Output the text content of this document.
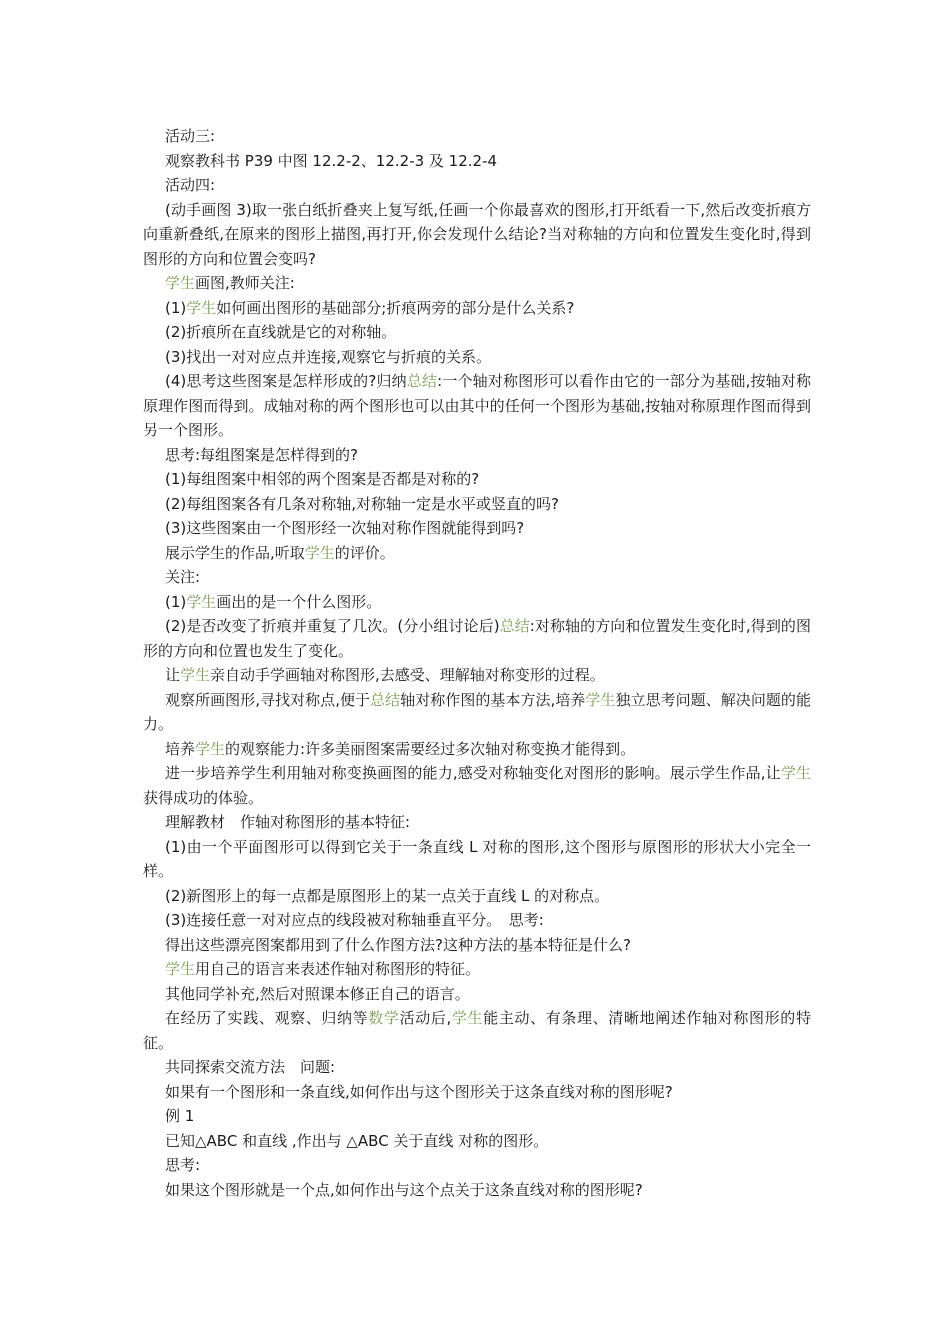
活动三:

观察教科书 P39 中图 12.2-2、12.2-3 及 12.2-4

活动四:

(动手画图 3)取一张白纸折叠夹上复写纸,任画一个你最喜欢的图形,打开纸看一下,然后改变折痕方向重新叠纸,在原来的图形上描图,再打开,你会发现什么结论?当对称轴的方向和位置发生变化时,得到图形的方向和位置会变吗?

学生画图,教师关注:

(1)学生如何画出图形的基础部分;折痕两旁的部分是什么关系?

(2)折痕所在直线就是它的对称轴。

(3)找出一对对应点并连接,观察它与折痕的关系。

(4)思考这些图案是怎样形成的?归纳总结:一个轴对称图形可以看作由它的一部分为基础,按轴对称原理作图而得到。成轴对称的两个图形也可以由其中的任何一个图形为基础,按轴对称原理作图而得到另一个图形。

思考:每组图案是怎样得到的?

(1)每组图案中相邻的两个图案是否都是对称的?

(2)每组图案各有几条对称轴,对称轴一定是水平或竖直的吗?

(3)这些图案由一个图形经一次轴对称作图就能得到吗?

展示学生的作品,听取学生的评价。

关注:

(1)学生画出的是一个什么图形。

(2)是否改变了折痕并重复了几次。(分小组讨论后)总结:对称轴的方向和位置发生变化时,得到的图形的方向和位置也发生了变化。

让学生亲自动手学画轴对称图形,去感受、理解轴对称变形的过程。

观察所画图形,寻找对称点,便于总结轴对称作图的基本方法,培养学生独立思考问题、解决问题的能力。

培养学生的观察能力:许多美丽图案需要经过多次轴对称变换才能得到。

进一步培养学生利用轴对称变换画图的能力,感受对称轴变化对图形的影响。展示学生作品,让学生获得成功的体验。

理解教材　作轴对称图形的基本特征:

(1)由一个平面图形可以得到它关于一条直线 L 对称的图形,这个图形与原图形的形状大小完全一样。

(2)新图形上的每一点都是原图形上的某一点关于直线 L 的对称点。

(3)连接任意一对对应点的线段被对称轴垂直平分。　思考:

得出这些漂亮图案都用到了什么作图方法?这种方法的基本特征是什么?

学生用自己的语言来表述作轴对称图形的特征。

其他同学补充,然后对照课本修正自己的语言。

在经历了实践、观察、归纳等数学活动后,学生能主动、有条理、清晰地阐述作轴对称图形的特征。

共同探索交流方法　问题:

如果有一个图形和一条直线,如何作出与这个图形关于这条直线对称的图形呢?

例 1

已知△ABC 和直线 ,作出与 △ABC 关于直线 对称的图形。

思考:

如果这个图形就是一个点,如何作出与这个点关于这条直线对称的图形呢?
